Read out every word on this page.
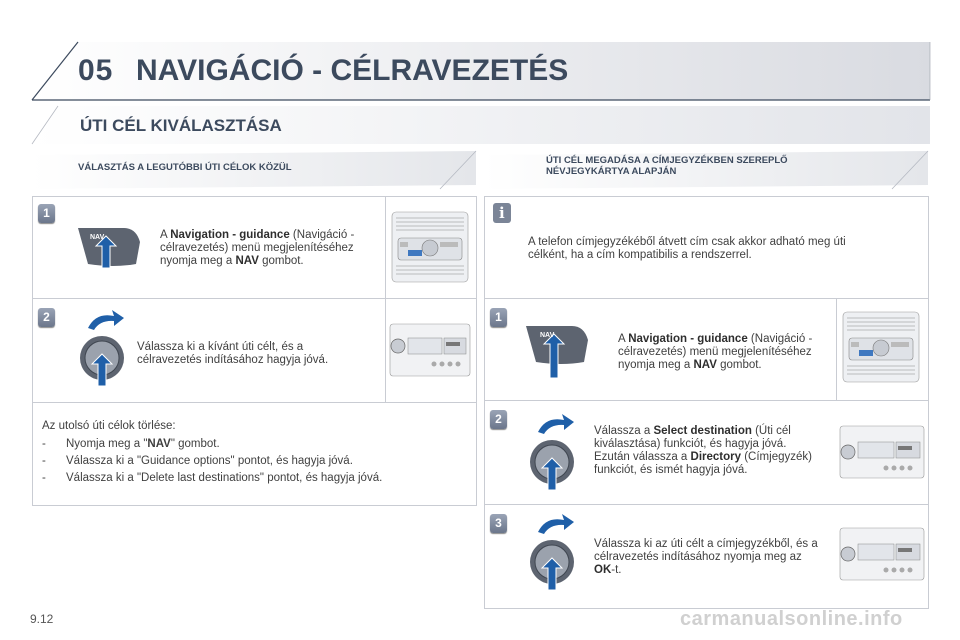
05 NAVIGÁCIÓ - CÉLRAVEZETÉS
ÚTI CÉL KIVÁLASZTÁSA
VÁLASZTÁS A LEGUTÓBBI ÚTI CÉLOK KÖZÜL
ÚTI CÉL MEGADÁSA A CÍMJEGYZÉKBEN SZEREPLŐ
NÉVJEGYKÁRTYA ALAPJÁN
1
NAV	A Navigation - guidance (Navigáció - célravezetés) menü megjelenítéséhez nyomja meg a NAV gombot.
2
Válassza ki a kívánt úti célt, és a célravezetés indításához hagyja jóvá.
Az utolsó úti célok törlése:
- Nyomja meg a "NAV" gombot.
- Válassza ki a "Guidance options" pontot, és hagyja jóvá.
- Válassza ki a "Delete last destinations" pontot, és hagyja jóvá.
i
A telefon címjegyzékéből átvett cím csak akkor adható meg úti célként, ha a cím kompatibilis a rendszerrel.
1
NAV	A Navigation - guidance (Navigáció - célravezetés) menü megjelenítéséhez nyomja meg a NAV gombot.
2
Válassza a Select destination (Úti cél kiválasztása) funkciót, és hagyja jóvá. Ezután válassza a Directory (Címjegyzék) funkciót, és ismét hagyja jóvá.
3
Válassza ki az úti célt a címjegyzékből, és a célravezetés indításához nyomja meg az OK-t.
9.12	carmanualsonline.info
